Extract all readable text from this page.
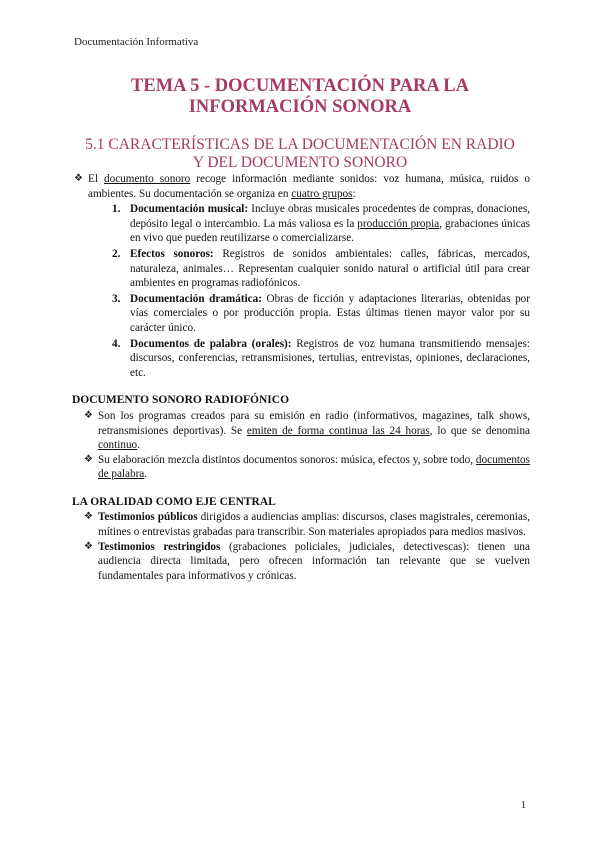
Documentación Informativa
TEMA 5 - DOCUMENTACIÓN PARA LA
INFORMACIÓN SONORA
5.1 CARACTERÍSTICAS DE LA DOCUMENTACIÓN EN RADIO
Y DEL DOCUMENTO SONORO
❖ El documento sonoro recoge información mediante sonidos: voz humana, música, ruidos o ambientes. Su documentación se organiza en cuatro grupos:
1. Documentación musical: Incluye obras musicales procedentes de compras, donaciones, depósito legal o intercambio. La más valiosa es la producción propia, grabaciones únicas en vivo que pueden reutilizarse o comercializarse.
2. Efectos sonoros: Registros de sonidos ambientales: calles, fábricas, mercados, naturaleza, animales… Representan cualquier sonido natural o artificial útil para crear ambientes en programas radiofónicos.
3. Documentación dramática: Obras de ficción y adaptaciones literarias, obtenidas por vías comerciales o por producción propia. Estas últimas tienen mayor valor por su carácter único.
4. Documentos de palabra (orales): Registros de voz humana transmitiendo mensajes: discursos, conferencias, retransmisiones, tertulias, entrevistas, opiniones, declaraciones, etc.
DOCUMENTO SONORO RADIOFÓNICO
❖ Son los programas creados para su emisión en radio (informativos, magazines, talk shows, retransmisiones deportivas). Se emiten de forma continua las 24 horas, lo que se denomina continuo.
❖ Su elaboración mezcla distintos documentos sonoros: música, efectos y, sobre todo, documentos de palabra.
LA ORALIDAD COMO EJE CENTRAL
❖ Testimonios públicos dirigidos a audiencias amplias: discursos, clases magistrales, ceremonias, mítines o entrevistas grabadas para transcribir. Son materiales apropiados para medios masivos.
❖ Testimonios restringidos (grabaciones policiales, judiciales, detectivescas): tienen una audiencia directa limitada, pero ofrecen información tan relevante que se vuelven fundamentales para informativos y crónicas.
1
